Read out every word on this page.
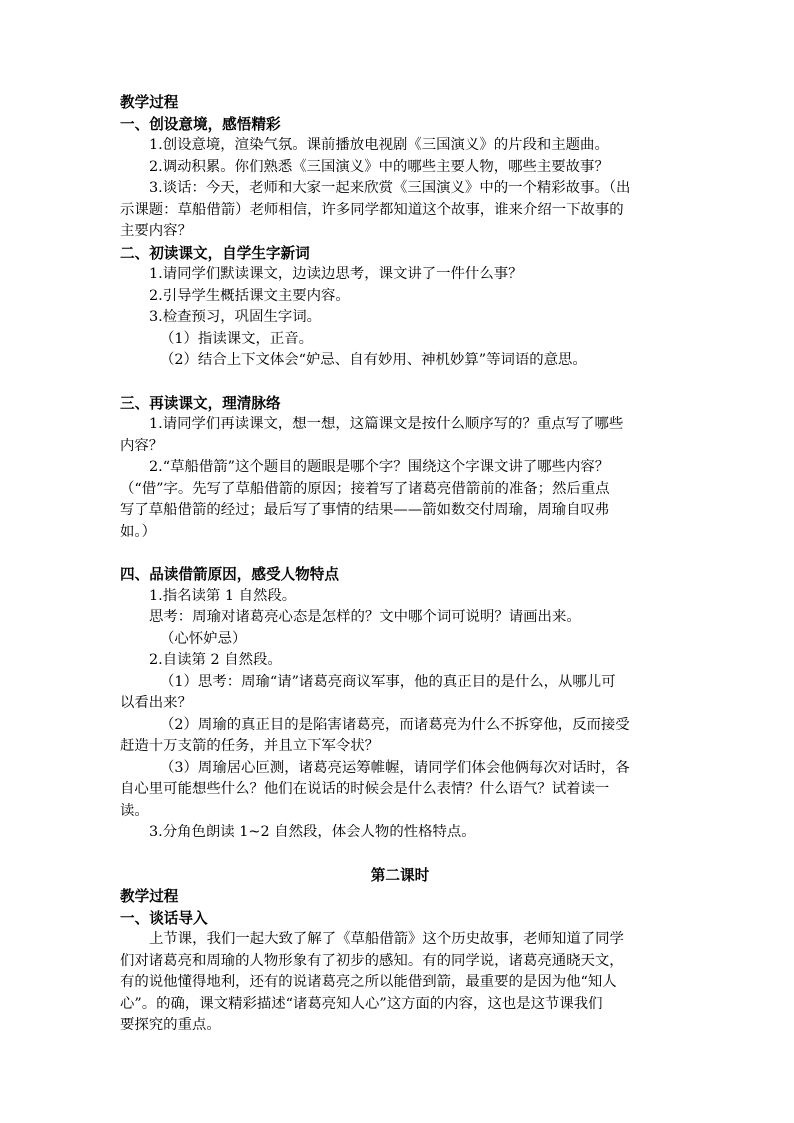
教学过程
一、创设意境，感悟精彩
1.创设意境，渲染气氛。课前播放电视剧《三国演义》的片段和主题曲。
2.调动积累。你们熟悉《三国演义》中的哪些主要人物，哪些主要故事？
3.谈话：今天，老师和大家一起来欣赏《三国演义》中的一个精彩故事。（出
示课题：草船借箭）老师相信，许多同学都知道这个故事，谁来介绍一下故事的
主要内容？
二、初读课文，自学生字新词
1.请同学们默读课文，边读边思考，课文讲了一件什么事？
2.引导学生概括课文主要内容。
3.检查预习，巩固生字词。
（1）指读课文，正音。
（2）结合上下文体会“妒忌、自有妙用、神机妙算”等词语的意思。
三、再读课文，理清脉络
1.请同学们再读课文，想一想，这篇课文是按什么顺序写的？重点写了哪些
内容？
2.“草船借箭”这个题目的题眼是哪个字？围绕这个字课文讲了哪些内容？
（“借”字。先写了草船借箭的原因；接着写了诸葛亮借箭前的准备；然后重点
写了草船借箭的经过；最后写了事情的结果——箭如数交付周瑜，周瑜自叹弗
如。）
四、品读借箭原因，感受人物特点
1.指名读第 1 自然段。
思考：周瑜对诸葛亮心态是怎样的？文中哪个词可说明？请画出来。
（心怀妒忌）
2.自读第 2 自然段。
（1）思考：周瑜“请”诸葛亮商议军事，他的真正目的是什么，从哪儿可
以看出来？
（2）周瑜的真正目的是陷害诸葛亮，而诸葛亮为什么不拆穿他，反而接受
赶造十万支箭的任务，并且立下军令状？
（3）周瑜居心叵测，诸葛亮运筹帷幄，请同学们体会他俩每次对话时，各
自心里可能想些什么？他们在说话的时候会是什么表情？什么语气？试着读一
读。
3.分角色朗读 1~2 自然段，体会人物的性格特点。
第二课时
教学过程
一、谈话导入
上节课，我们一起大致了解了《草船借箭》这个历史故事，老师知道了同学
们对诸葛亮和周瑜的人物形象有了初步的感知。有的同学说，诸葛亮通晓天文，
有的说他懂得地利，还有的说诸葛亮之所以能借到箭，最重要的是因为他“知人
心”。的确，课文精彩描述“诸葛亮知人心”这方面的内容，这也是这节课我们
要探究的重点。
